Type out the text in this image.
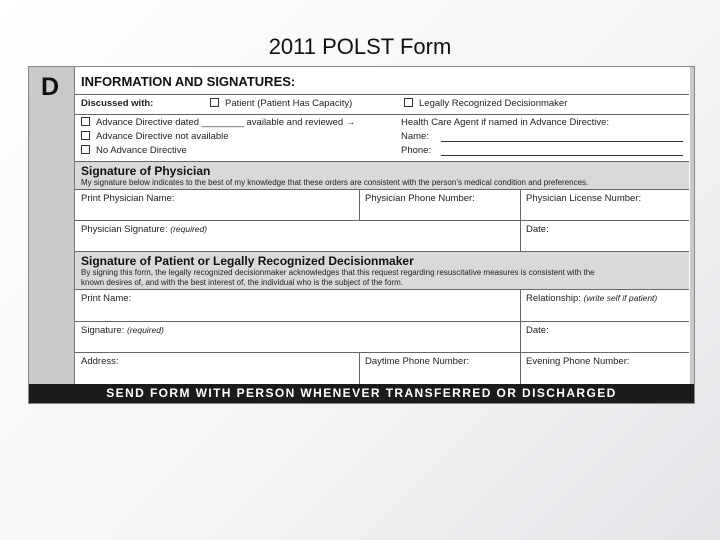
2011 POLST Form
D INFORMATION AND SIGNATURES:
Discussed with:	Patient (Patient Has Capacity)	Legally Recognized Decisionmaker
Advance Directive dated ________ available and reviewed →
Advance Directive not available
No Advance Directive
Health Care Agent if named in Advance Directive:
Name:
Phone:
Signature of Physician
My signature below indicates to the best of my knowledge that these orders are consistent with the person’s medical condition and preferences.
Print Physician Name:	Physician Phone Number:	Physician License Number:
Physician Signature: (required)	Date:
Signature of Patient or Legally Recognized Decisionmaker
By signing this form, the legally recognized decisionmaker acknowledges that this request regarding resuscitative measures is consistent with the
known desires of, and with the best interest of, the individual who is the subject of the form.
Print Name:	Relationship: (write self if patient)
Signature: (required)	Date:
Address:	Daytime Phone Number:	Evening Phone Number:
SEND FORM WITH PERSON WHENEVER TRANSFERRED OR DISCHARGED
